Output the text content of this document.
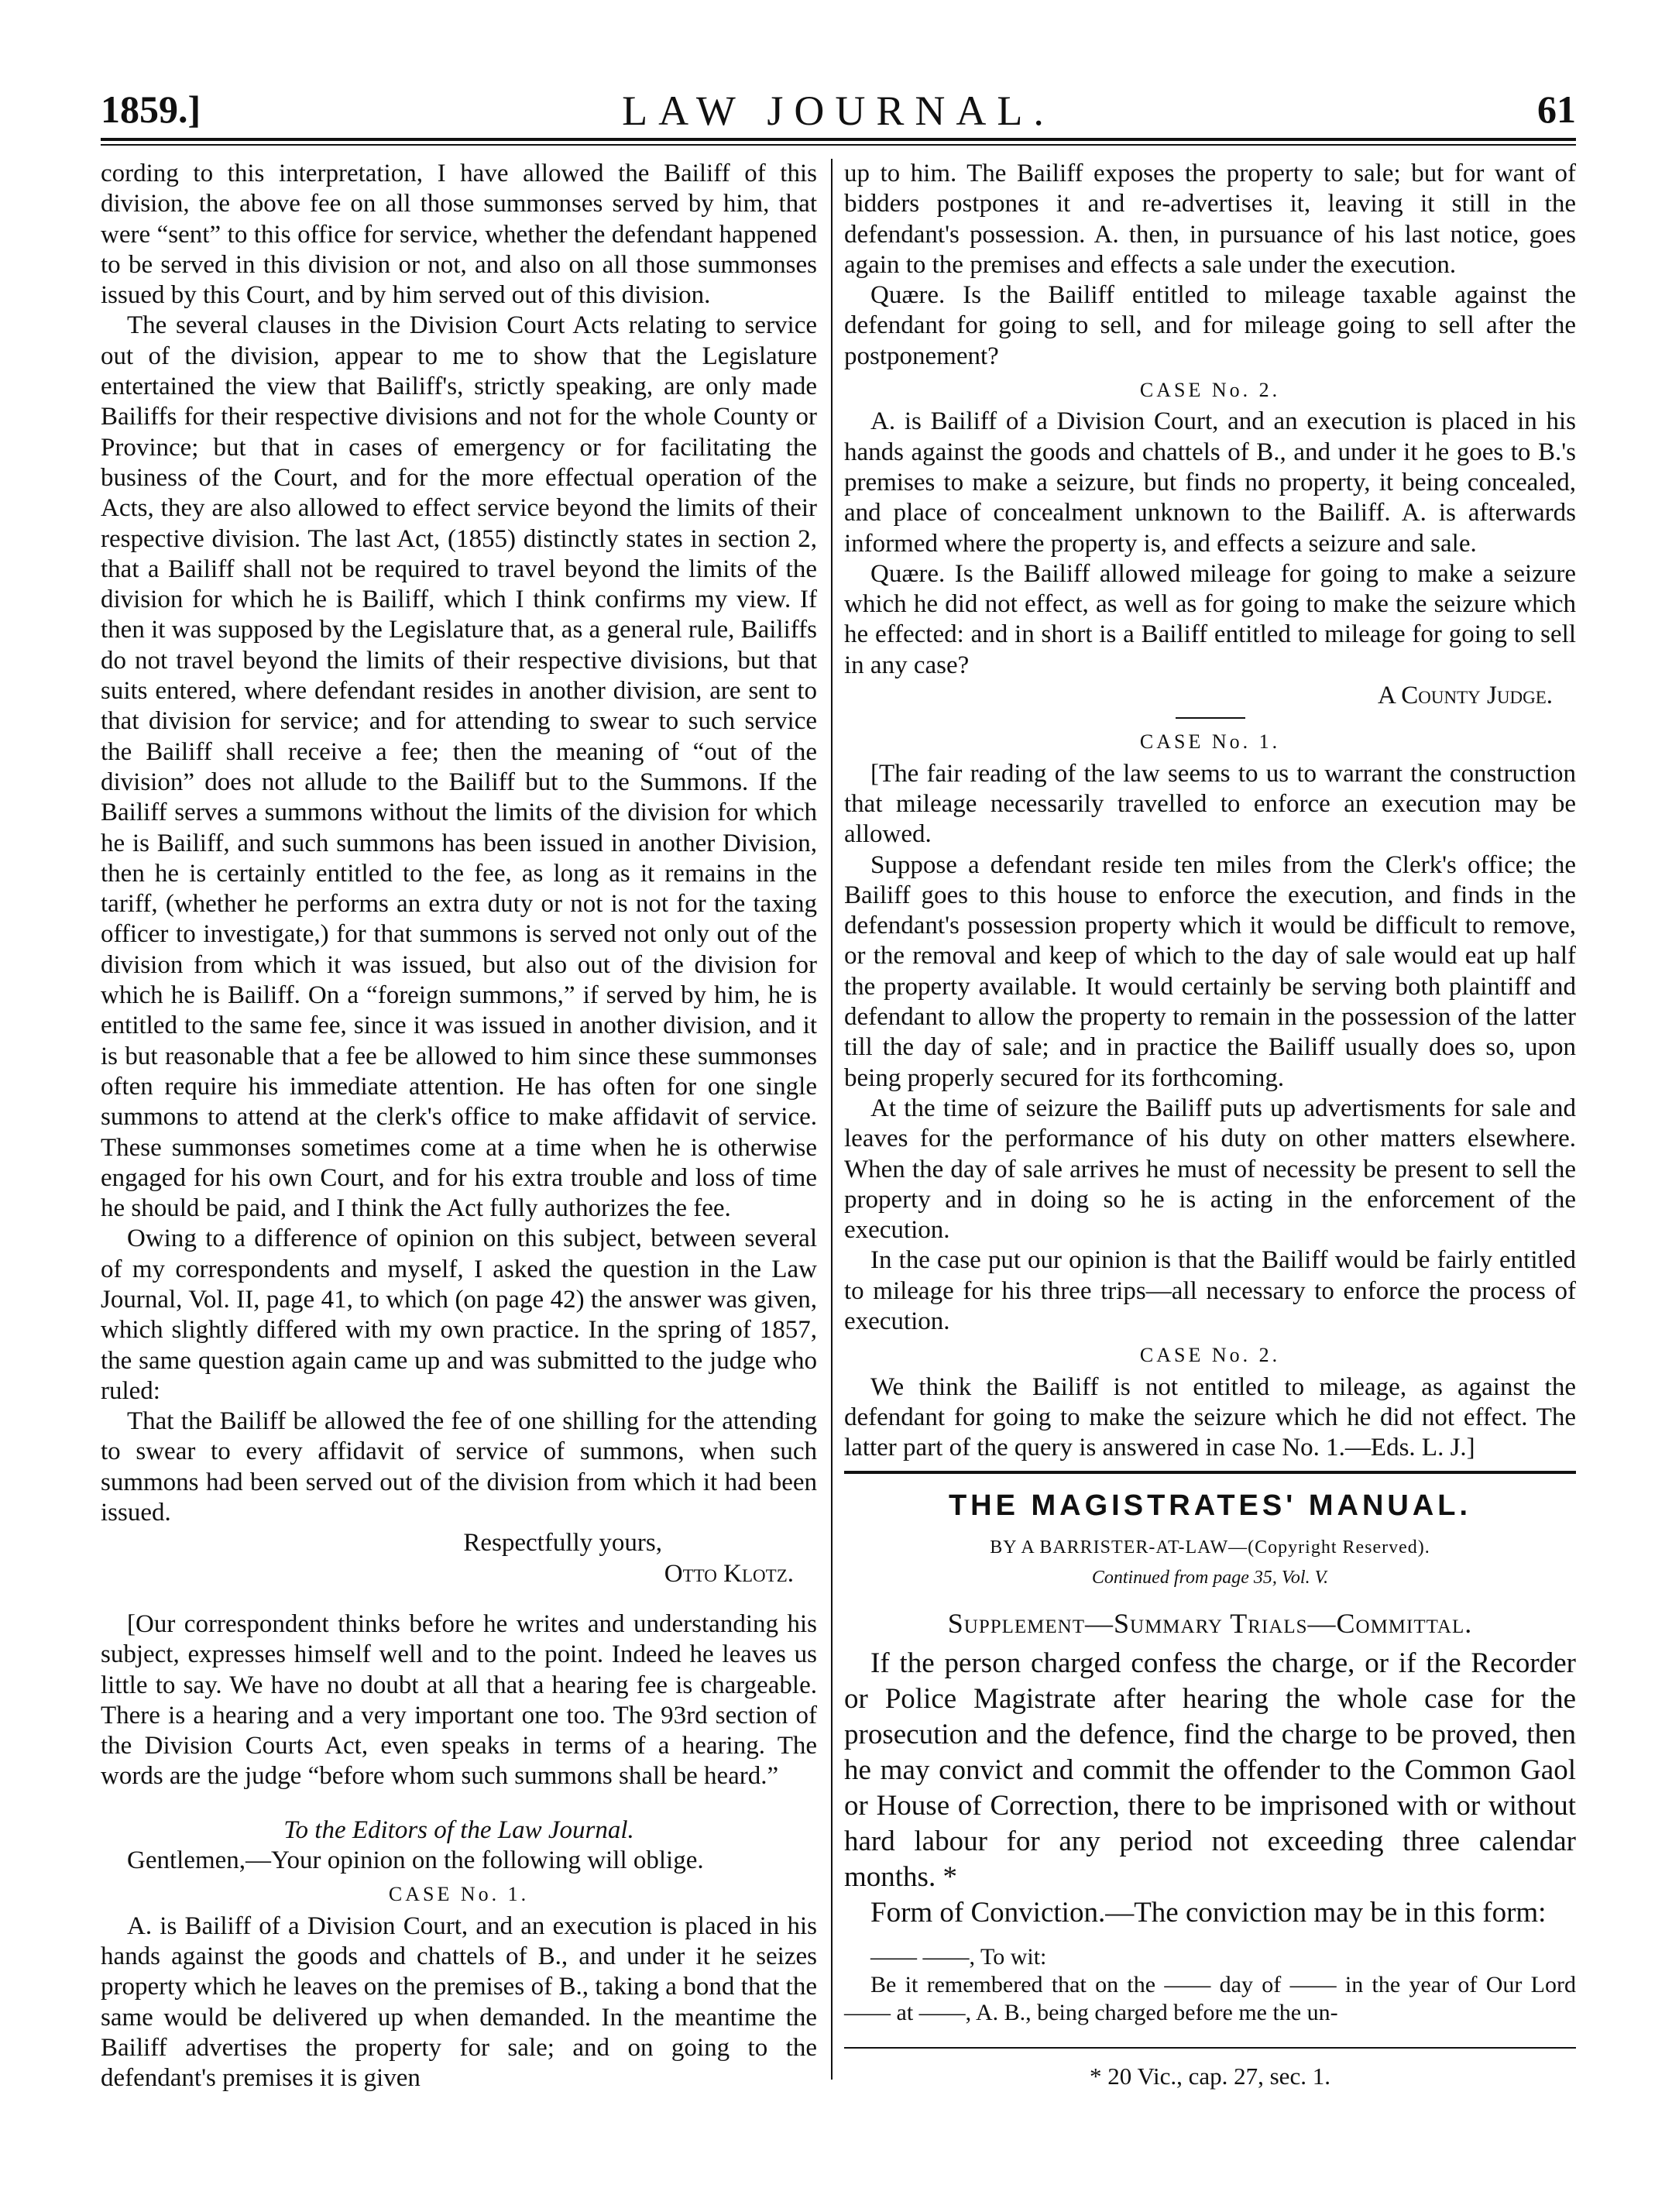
1859.]	LAW JOURNAL.	61

cording to this interpretation, I have allowed the Bailiff of this division, the above fee on all those summonses served by him, that were “sent” to this office for service, whether the defendant happened to be served in this division or not, and also on all those summonses issued by this Court, and by him served out of this division.

The several clauses in the Division Court Acts relating to service out of the division, appear to me to show that the Legislature entertained the view that Bailiff's, strictly speaking, are only made Bailiffs for their respective divisions and not for the whole County or Province; but that in cases of emergency or for facilitating the business of the Court, and for the more effectual operation of the Acts, they are also allowed to effect service beyond the limits of their respective division. The last Act, (1855) distinctly states in section 2, that a Bailiff shall not be required to travel beyond the limits of the division for which he is Bailiff, which I think confirms my view. If then it was supposed by the Legislature that, as a general rule, Bailiffs do not travel beyond the limits of their respective divisions, but that suits entered, where defendant resides in another division, are sent to that division for service; and for attending to swear to such service the Bailiff shall receive a fee; then the meaning of “out of the division” does not allude to the Bailiff but to the Summons. If the Bailiff serves a summons without the limits of the division for which he is Bailiff, and such summons has been issued in another Division, then he is certainly entitled to the fee, as long as it remains in the tariff, (whether he performs an extra duty or not is not for the taxing officer to investigate,) for that summons is served not only out of the division from which it was issued, but also out of the division for which he is Bailiff. On a “foreign summons,” if served by him, he is entitled to the same fee, since it was issued in another division, and it is but reasonable that a fee be allowed to him since these summonses often require his immediate attention. He has often for one single summons to attend at the clerk's office to make affidavit of service. These summonses sometimes come at a time when he is otherwise engaged for his own Court, and for his extra trouble and loss of time he should be paid, and I think the Act fully authorizes the fee.

Owing to a difference of opinion on this subject, between several of my correspondents and myself, I asked the question in the Law Journal, Vol. II, page 41, to which (on page 42) the answer was given, which slightly differed with my own practice. In the spring of 1857, the same question again came up and was submitted to the judge who ruled:

That the Bailiff be allowed the fee of one shilling for the attending to swear to every affidavit of service of summons, when such summons had been served out of the division from which it had been issued.

Respectfully yours,
Otto Klotz.

[Our correspondent thinks before he writes and understanding his subject, expresses himself well and to the point. Indeed he leaves us little to say. We have no doubt at all that a hearing fee is chargeable. There is a hearing and a very important one too. The 93rd section of the Division Courts Act, even speaks in terms of a hearing. The words are the judge “before whom such summons shall be heard.”

To the Editors of the Law Journal.

Gentlemen,—Your opinion on the following will oblige.

CASE No. 1.

A. is Bailiff of a Division Court, and an execution is placed in his hands against the goods and chattels of B., and under it he seizes property which he leaves on the premises of B., taking a bond that the same would be delivered up when demanded. In the meantime the Bailiff advertises the property for sale; and on going to the defendant's premises it is given

up to him. The Bailiff exposes the property to sale; but for want of bidders postpones it and re-advertises it, leaving it still in the defendant's possession. A. then, in pursuance of his last notice, goes again to the premises and effects a sale under the execution.

Quære. Is the Bailiff entitled to mileage taxable against the defendant for going to sell, and for mileage going to sell after the postponement?

CASE No. 2.

A. is Bailiff of a Division Court, and an execution is placed in his hands against the goods and chattels of B., and under it he goes to B.'s premises to make a seizure, but finds no property, it being concealed, and place of concealment unknown to the Bailiff. A. is afterwards informed where the property is, and effects a seizure and sale.

Quære. Is the Bailiff allowed mileage for going to make a seizure which he did not effect, as well as for going to make the seizure which he effected: and in short is a Bailiff entitled to mileage for going to sell in any case?

A County Judge.
CASE No. 1.

[The fair reading of the law seems to us to warrant the construction that mileage necessarily travelled to enforce an execution may be allowed.

Suppose a defendant reside ten miles from the Clerk's office; the Bailiff goes to this house to enforce the execution, and finds in the defendant's possession property which it would be difficult to remove, or the removal and keep of which to the day of sale would eat up half the property available. It would certainly be serving both plaintiff and defendant to allow the property to remain in the possession of the latter till the day of sale; and in practice the Bailiff usually does so, upon being properly secured for its forthcoming.

At the time of seizure the Bailiff puts up advertisments for sale and leaves for the performance of his duty on other matters elsewhere. When the day of sale arrives he must of necessity be present to sell the property and in doing so he is acting in the enforcement of the execution.

In the case put our opinion is that the Bailiff would be fairly entitled to mileage for his three trips—all necessary to enforce the process of execution.

CASE No. 2.

We think the Bailiff is not entitled to mileage, as against the defendant for going to make the seizure which he did not effect. The latter part of the query is answered in case No. 1.—Eds. L. J.]

THE MAGISTRATES' MANUAL.
BY A BARRISTER-AT-LAW—(Copyright Reserved).
Continued from page 35, Vol. V.
Supplement—Summary Trials—Committal.

If the person charged confess the charge, or if the Recorder or Police Magistrate after hearing the whole case for the prosecution and the defence, find the charge to be proved, then he may convict and commit the offender to the Common Gaol or House of Correction, there to be imprisoned with or without hard labour for any period not exceeding three calendar months. *

Form of Conviction.—The conviction may be in this form:

—— ——, To wit:

Be it remembered that on the —— day of —— in the year of Our Lord —— at ——, A. B., being charged before me the un-

* 20 Vic., cap. 27, sec. 1.
